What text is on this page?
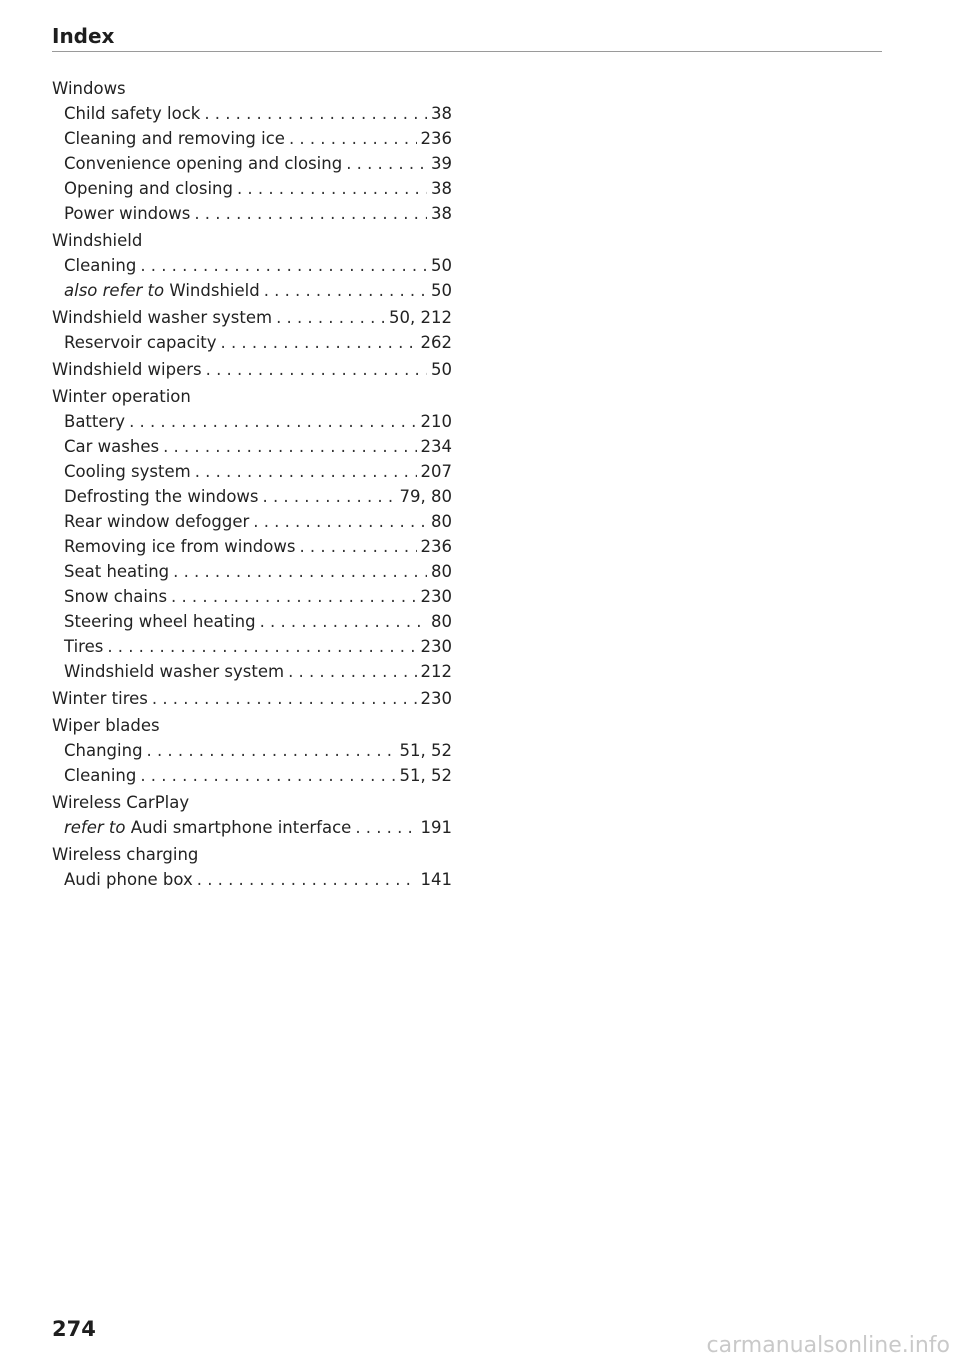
Index
Windows
Child safety lock .....	38
Cleaning and removing ice .....	236
Convenience opening and closing .....	39
Opening and closing .....	38
Power windows .....	38
Windshield
Cleaning .....	50
also refer to Windshield .....	50
Windshield washer system .....	50, 212
Reservoir capacity .....	262
Windshield wipers .....	50
Winter operation
Battery .....	210
Car washes .....	234
Cooling system .....	207
Defrosting the windows .....	79, 80
Rear window defogger .....	80
Removing ice from windows .....	236
Seat heating .....	80
Snow chains .....	230
Steering wheel heating .....	80
Tires .....	230
Windshield washer system .....	212
Winter tires .....	230
Wiper blades
Changing .....	51, 52
Cleaning .....	51, 52
Wireless CarPlay
refer to Audi smartphone interface .....	191
Wireless charging
Audi phone box .....	141
274
carmanualsonline.info
